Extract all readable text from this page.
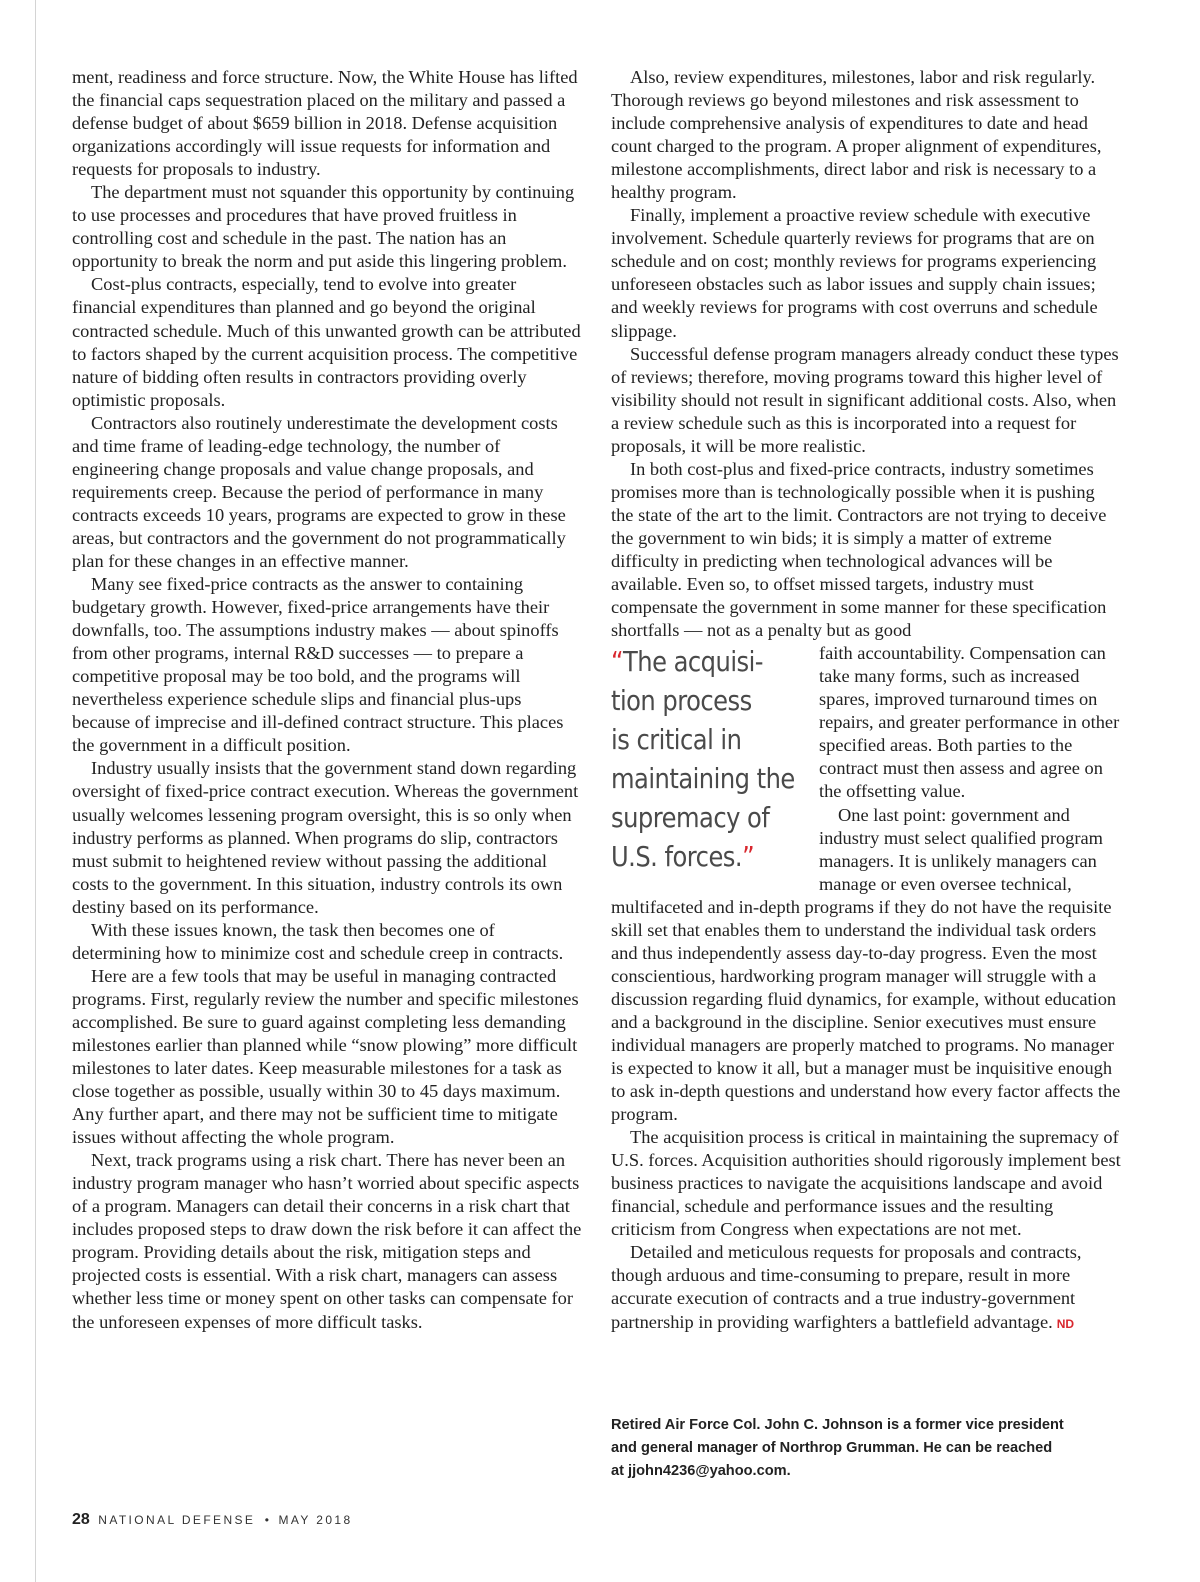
ment, readiness and force structure. Now, the White House has lifted the financial caps sequestration placed on the military and passed a defense budget of about $659 billion in 2018. Defense acquisition organizations accordingly will issue requests for information and requests for proposals to industry.

The department must not squander this opportunity by continuing to use processes and procedures that have proved fruitless in controlling cost and schedule in the past. The nation has an opportunity to break the norm and put aside this lingering problem.

Cost-plus contracts, especially, tend to evolve into greater financial expenditures than planned and go beyond the original contracted schedule. Much of this unwanted growth can be attributed to factors shaped by the current acquisition process. The competitive nature of bidding often results in contractors providing overly optimistic proposals.

Contractors also routinely underestimate the development costs and time frame of leading-edge technology, the number of engineering change proposals and value change proposals, and requirements creep. Because the period of performance in many contracts exceeds 10 years, programs are expected to grow in these areas, but contractors and the government do not programmatically plan for these changes in an effective manner.

Many see fixed-price contracts as the answer to containing budgetary growth. However, fixed-price arrangements have their downfalls, too. The assumptions industry makes — about spinoffs from other programs, internal R&D successes — to prepare a competitive proposal may be too bold, and the programs will nevertheless experience schedule slips and financial plus-ups because of imprecise and ill-defined contract structure. This places the government in a difficult position.

Industry usually insists that the government stand down regarding oversight of fixed-price contract execution. Whereas the government usually welcomes lessening program oversight, this is so only when industry performs as planned. When programs do slip, contractors must submit to heightened review without passing the additional costs to the government. In this situation, industry controls its own destiny based on its performance.

With these issues known, the task then becomes one of determining how to minimize cost and schedule creep in contracts.

Here are a few tools that may be useful in managing contracted programs. First, regularly review the number and specific milestones accomplished. Be sure to guard against completing less demanding milestones earlier than planned while “snow plowing” more difficult milestones to later dates. Keep measurable milestones for a task as close together as possible, usually within 30 to 45 days maximum. Any further apart, and there may not be sufficient time to mitigate issues without affecting the whole program.

Next, track programs using a risk chart. There has never been an industry program manager who hasn’t worried about specific aspects of a program. Managers can detail their concerns in a risk chart that includes proposed steps to draw down the risk before it can affect the program. Providing details about the risk, mitigation steps and projected costs is essential. With a risk chart, managers can assess whether less time or money spent on other tasks can compensate for the unforeseen expenses of more difficult tasks.

Also, review expenditures, milestones, labor and risk regularly. Thorough reviews go beyond milestones and risk assessment to include comprehensive analysis of expenditures to date and head count charged to the program. A proper alignment of expenditures, milestone accomplishments, direct labor and risk is necessary to a healthy program.

Finally, implement a proactive review schedule with executive involvement. Schedule quarterly reviews for programs that are on schedule and on cost; monthly reviews for programs experiencing unforeseen obstacles such as labor issues and supply chain issues; and weekly reviews for programs with cost overruns and schedule slippage.

Successful defense program managers already conduct these types of reviews; therefore, moving programs toward this higher level of visibility should not result in significant additional costs. Also, when a review schedule such as this is incorporated into a request for proposals, it will be more realistic.

In both cost-plus and fixed-price contracts, industry sometimes promises more than is technologically possible when it is pushing the state of the art to the limit. Contractors are not trying to deceive the government to win bids; it is simply a matter of extreme difficulty in predicting when technological advances will be available. Even so, to offset missed targets, industry must compensate the government in some manner for these specification shortfalls — not as a penalty but as good

“The acquisi-
tion process
is critical in
maintaining the
supremacy of
U.S. forces.”

faith accountability. Compensation can take many forms, such as increased spares, improved turnaround times on repairs, and greater performance in other specified areas. Both parties to the contract must then assess and agree on the offsetting value.

One last point: government and industry must select qualified program managers. It is unlikely managers can manage or even oversee technical, multifaceted and in-depth programs if they do not have the requisite skill set that enables them to understand the individual task orders and thus independently assess day-to-day progress. Even the most conscientious, hardworking program manager will struggle with a discussion regarding fluid dynamics, for example, without education and a background in the discipline. Senior executives must ensure individual managers are properly matched to programs. No manager is expected to know it all, but a manager must be inquisitive enough to ask in-depth questions and understand how every factor affects the program.

The acquisition process is critical in maintaining the supremacy of U.S. forces. Acquisition authorities should rigorously implement best business practices to navigate the acquisitions landscape and avoid financial, schedule and performance issues and the resulting criticism from Congress when expectations are not met.

Detailed and meticulous requests for proposals and contracts, though arduous and time-consuming to prepare, result in more accurate execution of contracts and a true industry-government partnership in providing warfighters a battlefield advantage. ND

Retired Air Force Col. John C. Johnson is a former vice president

and general manager of Northrop Grumman. He can be reached

at jjohn4236@yahoo.com.

28 NATIONAL DEFENSE • MAY 2018
